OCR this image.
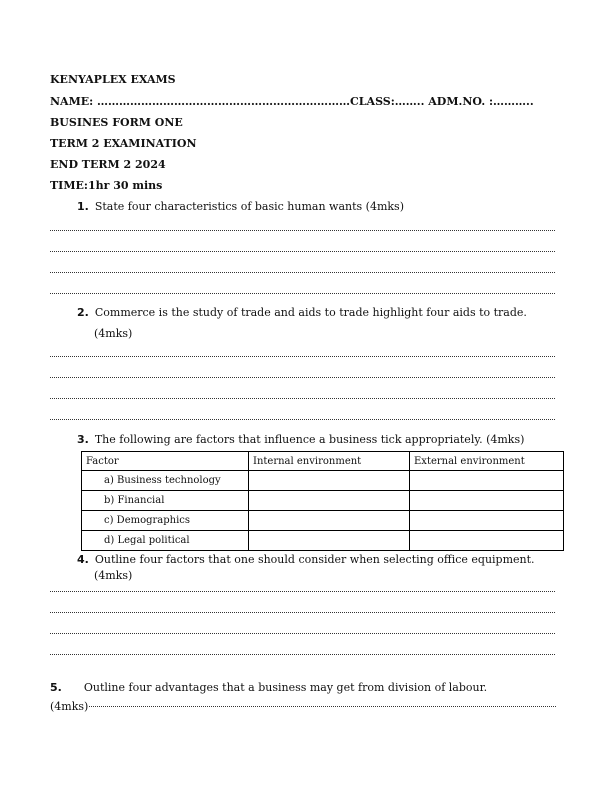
KENYAPLEX EXAMS
NAME: ……………………………………………………………CLASS:…….. ADM.NO. :………..
BUSINES FORM ONE
TERM 2 EXAMINATION
END TERM 2 2024
TIME:1hr 30 mins
1. State four characteristics of basic human wants (4mks)
2. Commerce is the study of trade and aids to trade highlight four aids to trade.
(4mks)
3. The following are factors that influence a business tick appropriately. (4mks)
Factor	Internal environment	External environment
a) Business technology		
b) Financial		
c) Demographics		
d) Legal political		
4. Outline four factors that one should consider when selecting office equipment.
(4mks)
5. Outline four advantages that a business may get from division of labour.
(4mks)
